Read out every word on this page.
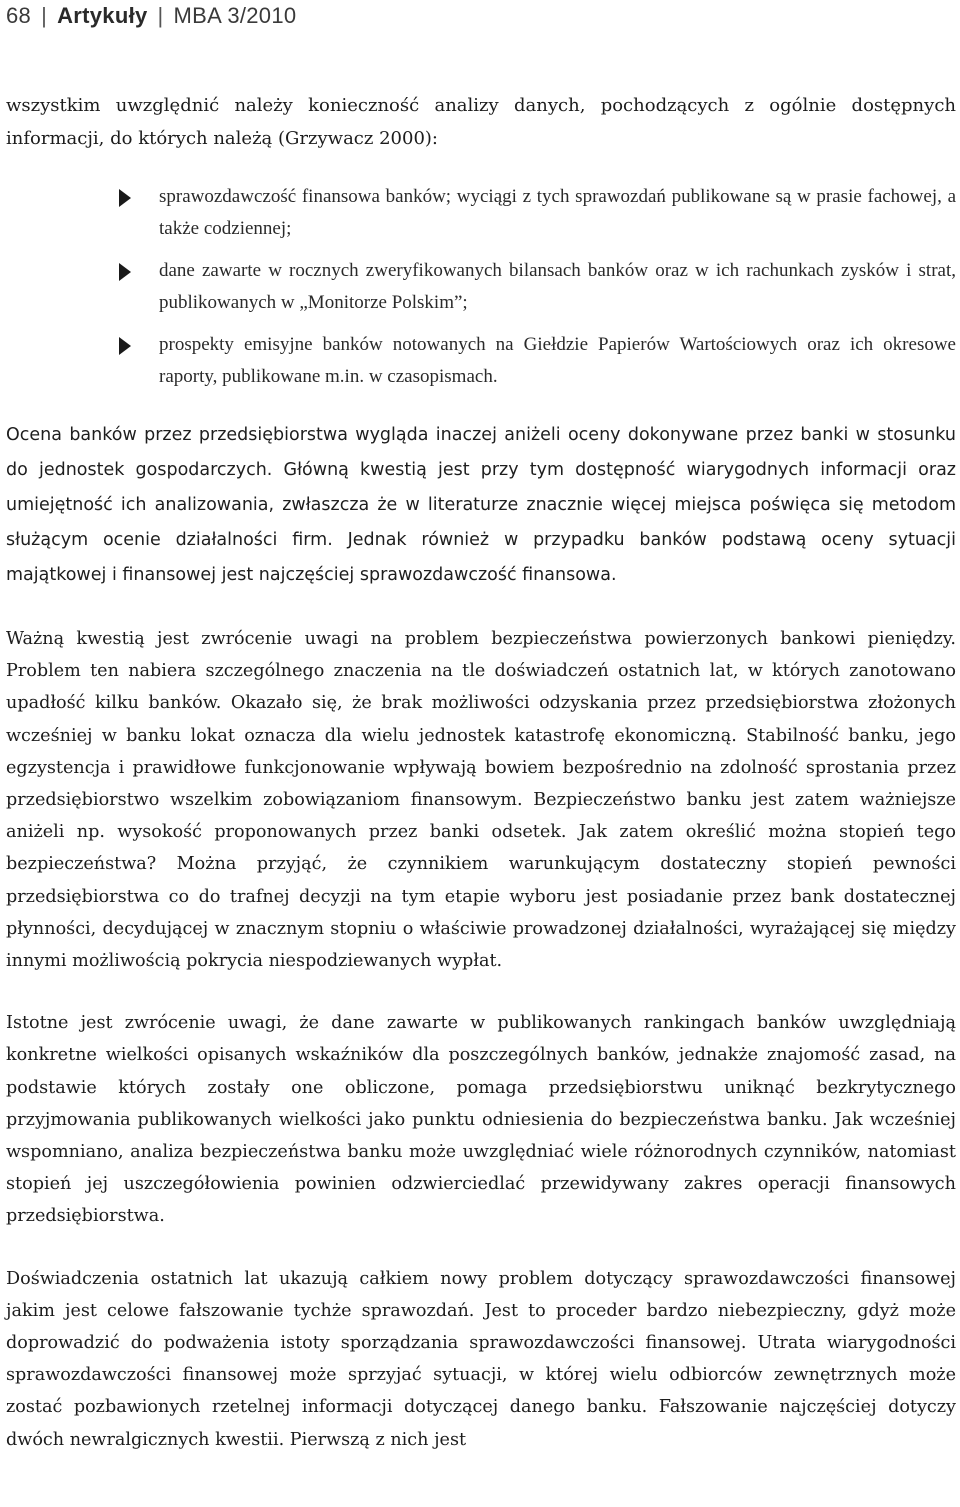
68 | Artykuły | MBA 3/2010

wszystkim uwzględnić należy konieczność analizy danych, pochodzących z ogólnie dostępnych informacji, do których należą (Grzywacz 2000):

sprawozdawczość finansowa banków; wyciągi z tych sprawozdań publikowane są w prasie fachowej, a także codziennej;
dane zawarte w rocznych zweryfikowanych bilansach banków oraz w ich rachunkach zysków i strat, publikowanych w „Monitorze Polskim”;
prospekty emisyjne banków notowanych na Giełdzie Papierów Wartościowych oraz ich okresowe raporty, publikowane m.in. w czasopismach.

Ocena banków przez przedsiębiorstwa wygląda inaczej aniżeli oceny dokonywane przez banki w stosunku do jednostek gospodarczych. Główną kwestią jest przy tym dostępność wiarygodnych informacji oraz umiejętność ich analizowania, zwłaszcza że w literaturze znacznie więcej miejsca poświęca się metodom służącym ocenie działalności firm. Jednak również w przypadku banków podstawą oceny sytuacji majątkowej i finansowej jest najczęściej sprawozdawczość finansowa.

Ważną kwestią jest zwrócenie uwagi na problem bezpieczeństwa powierzonych bankowi pieniędzy. Problem ten nabiera szczególnego znaczenia na tle doświadczeń ostatnich lat, w których zanotowano upadłość kilku banków. Okazało się, że brak możliwości odzyskania przez przedsiębiorstwa złożonych wcześniej w banku lokat oznacza dla wielu jednostek katastrofę ekonomiczną. Stabilność banku, jego egzystencja i prawidłowe funkcjonowanie wpływają bowiem bezpośrednio na zdolność sprostania przez przedsiębiorstwo wszelkim zobowiązaniom finansowym. Bezpieczeństwo banku jest zatem ważniejsze aniżeli np. wysokość proponowanych przez banki odsetek. Jak zatem określić można stopień tego bezpieczeństwa? Można przyjąć, że czynnikiem warunkującym dostateczny stopień pewności przedsiębiorstwa co do trafnej decyzji na tym etapie wyboru jest posiadanie przez bank dostatecznej płynności, decydującej w znacznym stopniu o właściwie prowadzonej działalności, wyrażającej się między innymi możliwością pokrycia niespodziewanych wypłat.

Istotne jest zwrócenie uwagi, że dane zawarte w publikowanych rankingach banków uwzględniają konkretne wielkości opisanych wskaźników dla poszczególnych banków, jednakże znajomość zasad, na podstawie których zostały one obliczone, pomaga przedsiębiorstwu uniknąć bezkrytycznego przyjmowania publikowanych wielkości jako punktu odniesienia do bezpieczeństwa banku. Jak wcześniej wspomniano, analiza bezpieczeństwa banku może uwzględniać wiele różnorodnych czynników, natomiast stopień jej uszczegółowienia powinien odzwierciedlać przewidywany zakres operacji finansowych przedsiębiorstwa.

Doświadczenia ostatnich lat ukazują całkiem nowy problem dotyczący sprawozdawczości finansowej jakim jest celowe fałszowanie tychże sprawozdań. Jest to proceder bardzo niebezpieczny, gdyż może doprowadzić do podważenia istoty sporządzania sprawozdawczości finansowej. Utrata wiarygodności sprawozdawczości finansowej może sprzyjać sytuacji, w której wielu odbiorców zewnętrznych może zostać pozbawionych rzetelnej informacji dotyczącej danego banku. Fałszowanie najczęściej dotyczy dwóch newralgicznych kwestii. Pierwszą z nich jest
